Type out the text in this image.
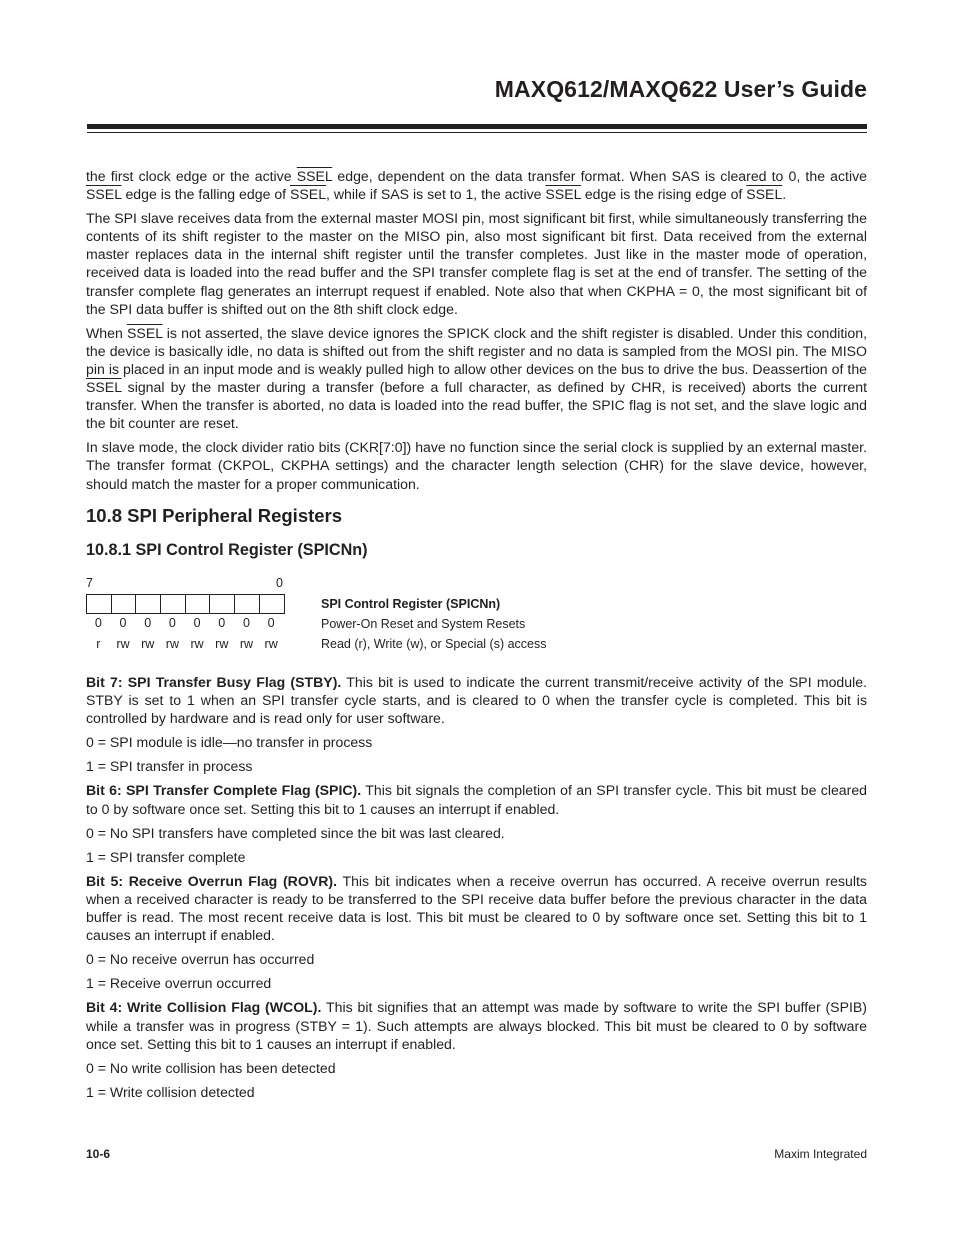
MAXQ612/MAXQ622 User’s Guide

the first clock edge or the active SSEL edge, dependent on the data transfer format. When SAS is cleared to 0, the active SSEL edge is the falling edge of SSEL, while if SAS is set to 1, the active SSEL edge is the rising edge of SSEL.

The SPI slave receives data from the external master MOSI pin, most significant bit first, while simultaneously transferring the contents of its shift register to the master on the MISO pin, also most significant bit first. Data received from the external master replaces data in the internal shift register until the transfer completes. Just like in the master mode of operation, received data is loaded into the read buffer and the SPI transfer complete flag is set at the end of transfer. The setting of the transfer complete flag generates an interrupt request if enabled. Note also that when CKPHA = 0, the most significant bit of the SPI data buffer is shifted out on the 8th shift clock edge.

When SSEL is not asserted, the slave device ignores the SPICK clock and the shift register is disabled. Under this condition, the device is basically idle, no data is shifted out from the shift register and no data is sampled from the MOSI pin. The MISO pin is placed in an input mode and is weakly pulled high to allow other devices on the bus to drive the bus. Deassertion of the SSEL signal by the master during a transfer (before a full character, as defined by CHR, is received) aborts the current transfer. When the transfer is aborted, no data is loaded into the read buffer, the SPIC flag is not set, and the slave logic and the bit counter are reset.

In slave mode, the clock divider ratio bits (CKR[7:0]) have no function since the serial clock is supplied by an external master. The transfer format (CKPOL, CKPHA settings) and the character length selection (CHR) for the slave device, however, should match the master for a proper communication.

10.8 SPI Peripheral Registers
10.8.1 SPI Control Register (SPICNn)
7	0
0	0	0	0	0	0	0	0
r	rw rw rw rw rw rw rw
SPI Control Register (SPICNn)
Power-On Reset and System Resets
Read (r), Write (w), or Special (s) access

Bit 7: SPI Transfer Busy Flag (STBY). This bit is used to indicate the current transmit/receive activity of the SPI module. STBY is set to 1 when an SPI transfer cycle starts, and is cleared to 0 when the transfer cycle is completed. This bit is controlled by hardware and is read only for user software.

0 = SPI module is idle—no transfer in process

1 = SPI transfer in process

Bit 6: SPI Transfer Complete Flag (SPIC). This bit signals the completion of an SPI transfer cycle. This bit must be cleared to 0 by software once set. Setting this bit to 1 causes an interrupt if enabled.

0 = No SPI transfers have completed since the bit was last cleared.

1 = SPI transfer complete

Bit 5: Receive Overrun Flag (ROVR). This bit indicates when a receive overrun has occurred. A receive overrun results when a received character is ready to be transferred to the SPI receive data buffer before the previous character in the data buffer is read. The most recent receive data is lost. This bit must be cleared to 0 by software once set. Setting this bit to 1 causes an interrupt if enabled.

0 = No receive overrun has occurred

1 = Receive overrun occurred

Bit 4: Write Collision Flag (WCOL). This bit signifies that an attempt was made by software to write the SPI buffer (SPIB) while a transfer was in progress (STBY = 1). Such attempts are always blocked. This bit must be cleared to 0 by software once set. Setting this bit to 1 causes an interrupt if enabled.

0 = No write collision has been detected

1 = Write collision detected

10-6	Maxim Integrated
